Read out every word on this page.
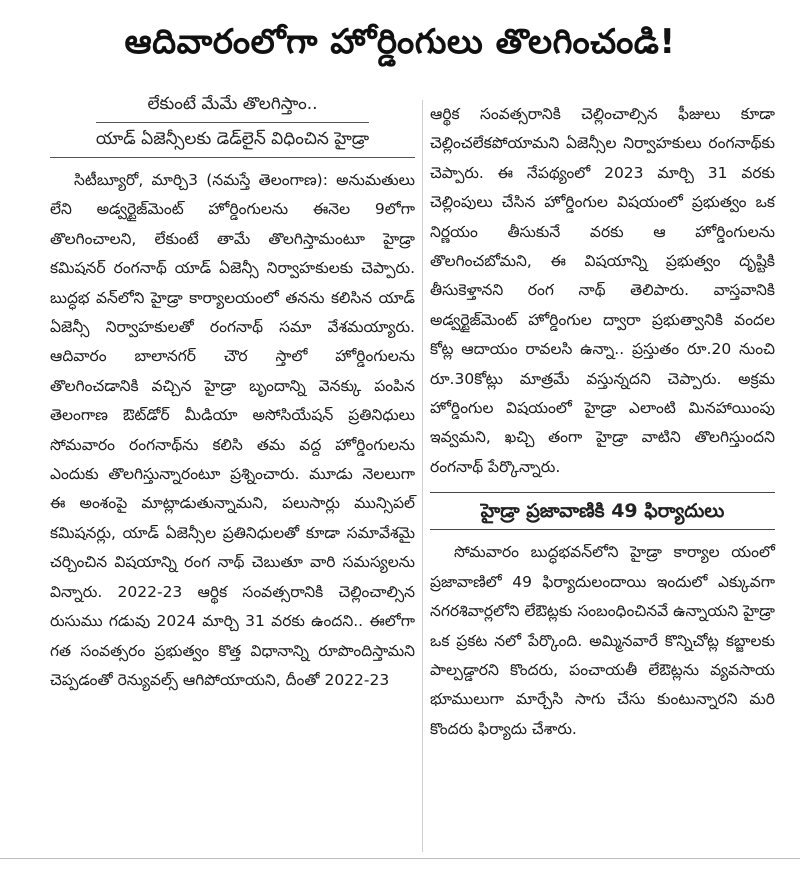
ఆదివారంలోగా హోర్డింగులు తొలగించండి!
లేకుంటే మేమే తొలగిస్తాం..
యాడ్ ఏజెన్సీలకు డెడ్‌లైన్ విధించిన హైడ్రా

సిటీబ్యూరో, మార్చి3 (నమస్తే తెలంగాణ): అనుమతులు లేని అడ్వర్టైజ్‌మెంట్ హోర్డింగులను ఈనెల 9లోగా తొలగించాలని, లేకుంటే తామే తొలగిస్తామంటూ హైడ్రా కమిషనర్ రంగనాథ్ యాడ్ ఏజెన్సీ నిర్వాహకులకు చెప్పారు. బుద్ధభ వన్‌లోని హైడ్రా కార్యాలయంలో తనను కలిసిన యాడ్ ఏజెన్సీ నిర్వాహకులతో రంగనాథ్ సమా వేశమయ్యారు. ఆదివారం బాలానగర్ చౌర స్తాలో హోర్డింగులను తొలగించడానికి వచ్చిన హైడ్రా బృందాన్ని వెనక్కు పంపిన తెలంగాణ ఔట్‌డోర్ మీడియా అసోసియేషన్ ప్రతినిధులు సోమవారం రంగనాథ్‌ను కలిసి తమ వద్ద హోర్డింగులను ఎందుకు తొలగిస్తున్నారంటూ ప్రశ్నించారు. మూడు నెలలుగా ఈ అంశంపై మాట్లాడుతున్నామని, పలుసార్లు మున్సిపల్ కమిషనర్లు, యాడ్ ఏజెన్సీల ప్రతినిధులతో కూడా సమావేశమై చర్చించిన విషయాన్ని రంగ నాథ్ చెబుతూ వారి సమస్యలను విన్నారు. 2022-23 ఆర్థిక సంవత్సరానికి చెల్లించాల్సిన రుసుము గడువు 2024 మార్చి 31 వరకు ఉందని.. ఈలోగా గత సంవత్సరం ప్రభుత్వం కొత్త విధానాన్ని రూపొందిస్తామని చెప్పడంతో రెన్యువల్స్ ఆగిపోయాయని, దీంతో 2022-23

ఆర్థిక సంవత్సరానికి చెల్లించాల్సిన ఫీజులు కూడా చెల్లించలేకపోయామని ఏజెన్సీల నిర్వాహకులు రంగనాథ్‌కు చెప్పారు. ఈ నేపథ్యంలో 2023 మార్చి 31 వరకు చెల్లింపులు చేసిన హోర్డింగుల విషయంలో ప్రభుత్వం ఒక నిర్ణయం తీసుకునే వరకు ఆ హోర్డింగులను తొలగించబోమని, ఈ విషయాన్ని ప్రభుత్వం దృష్టికి తీసుకెళ్తానని రంగ నాథ్ తెలిపారు. వాస్తవానికి అడ్వర్టైజ్‌మెంట్ హోర్డింగుల ద్వారా ప్రభుత్వానికి వందల కోట్ల ఆదాయం రావలసి ఉన్నా.. ప్రస్తుతం రూ.20 నుంచి రూ.30కోట్లు మాత్రమే వస్తున్నదని చెప్పారు. అక్రమ హోర్డింగుల విషయంలో హైడ్రా ఎలాంటి మినహాయింపు ఇవ్వమని, ఖచ్చి తంగా హైడ్రా వాటిని తొలగిస్తుందని రంగనాథ్ పేర్కొన్నారు.

హైడ్రా ప్రజావాణికి 49 ఫిర్యాదులు

సోమవారం బుద్ధభవన్‌లోని హైడ్రా కార్యాల యంలో ప్రజావాణిలో 49 ఫిర్యాదులందాయి ఇందులో ఎక్కువగా నగరశివార్లలోని లేఔట్లకు సంబంధించినవే ఉన్నాయని హైడ్రా ఒక ప్రకట నలో పేర్కొంది. అమ్మినవారే కొన్నిచోట్ల కబ్జాలకు పాల్పడ్డారని కొందరు, పంచాయతీ లేఔట్లను వ్యవసాయ భూములుగా మార్చేసి సాగు చేసు కుంటున్నారని మరి కొందరు ఫిర్యాదు చేశారు.
